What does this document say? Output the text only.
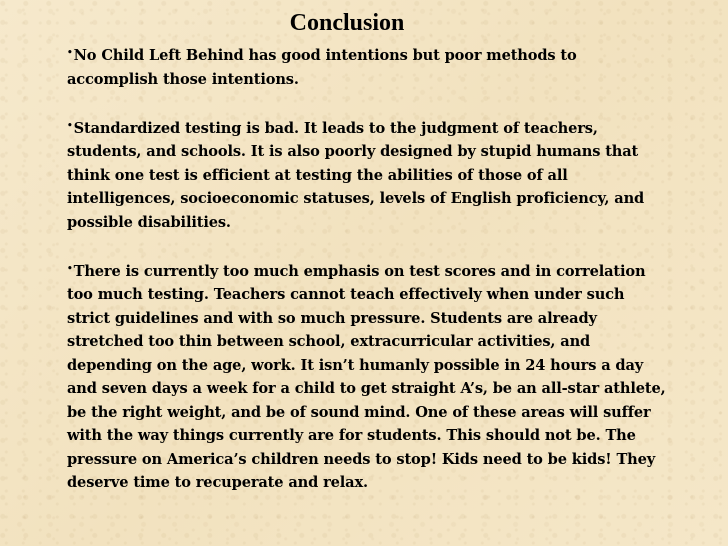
Conclusion
•No Child Left Behind has good intentions but poor methods to accomplish those intentions.
•Standardized testing is bad. It leads to the judgment of teachers, students, and schools. It is also poorly designed by stupid humans that think one test is efficient at testing the abilities of those of all intelligences, socioeconomic statuses, levels of English proficiency, and possible disabilities.
•There is currently too much emphasis on test scores and in correlation too much testing. Teachers cannot teach effectively when under such strict guidelines and with so much pressure. Students are already stretched too thin between school, extracurricular activities, and depending on the age, work. It isn’t humanly possible in 24 hours a day and seven days a week for a child to get straight A’s, be an all-star athlete, be the right weight, and be of sound mind. One of these areas will suffer with the way things currently are for students. This should not be. The pressure on America’s children needs to stop! Kids need to be kids! They deserve time to recuperate and relax.
